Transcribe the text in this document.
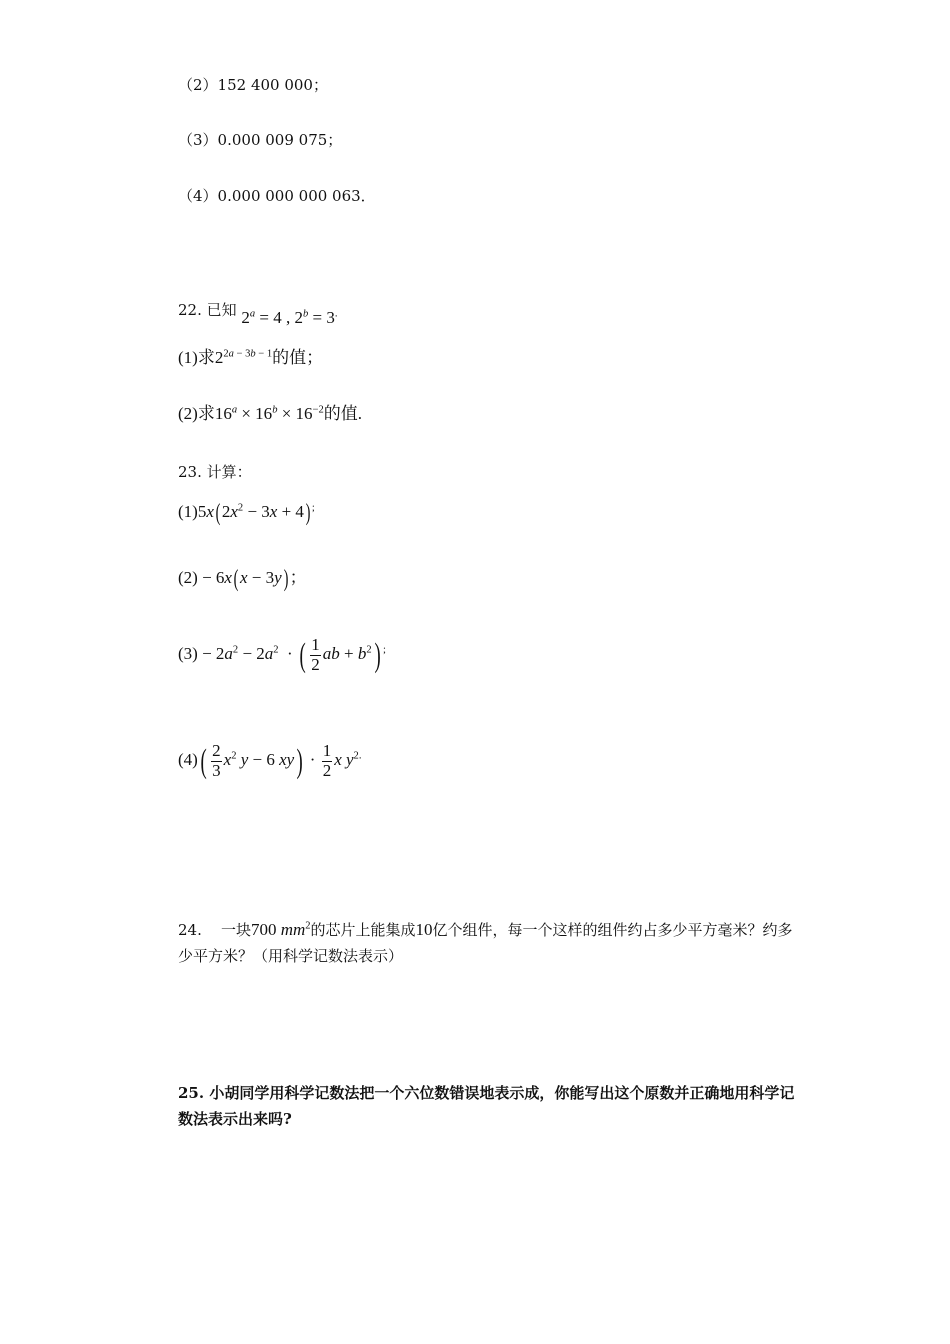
（2）152 400 000；
（3）0.000 009 075；
（4）0.000 000 000 063．
22. 已知 $2^a = 4$ , $2^b = 3^.$
(1)求$2^{2a - 3b - 1}$的值；
(2)求$16^a \times 16^b \times 16^{-2}$的值.
23. 计算：
$(1)5x(2x^2 - 3x + 4)$ ;
(2) − 6x(x − 3y)；
$(3) - 2a^2 - 2a^2$  · ( $\frac{1}{2}$ ab + $b^2$) ;
$(4)( \frac{2}{3} x^2$ y − 6 $xy) \cdot \frac{1}{2}$ x $y^{2.}$
24. 一块700 $mm^2$的芯片上能集成10亿个组件，每一个这样的组件约占多少平方毫米？约多少平方米？（用科学记数法表示）
25. 小胡同学用科学记数法把一个六位数错误地表示成，你能写出这个原数并正确地用科学记数法表示出来吗?
